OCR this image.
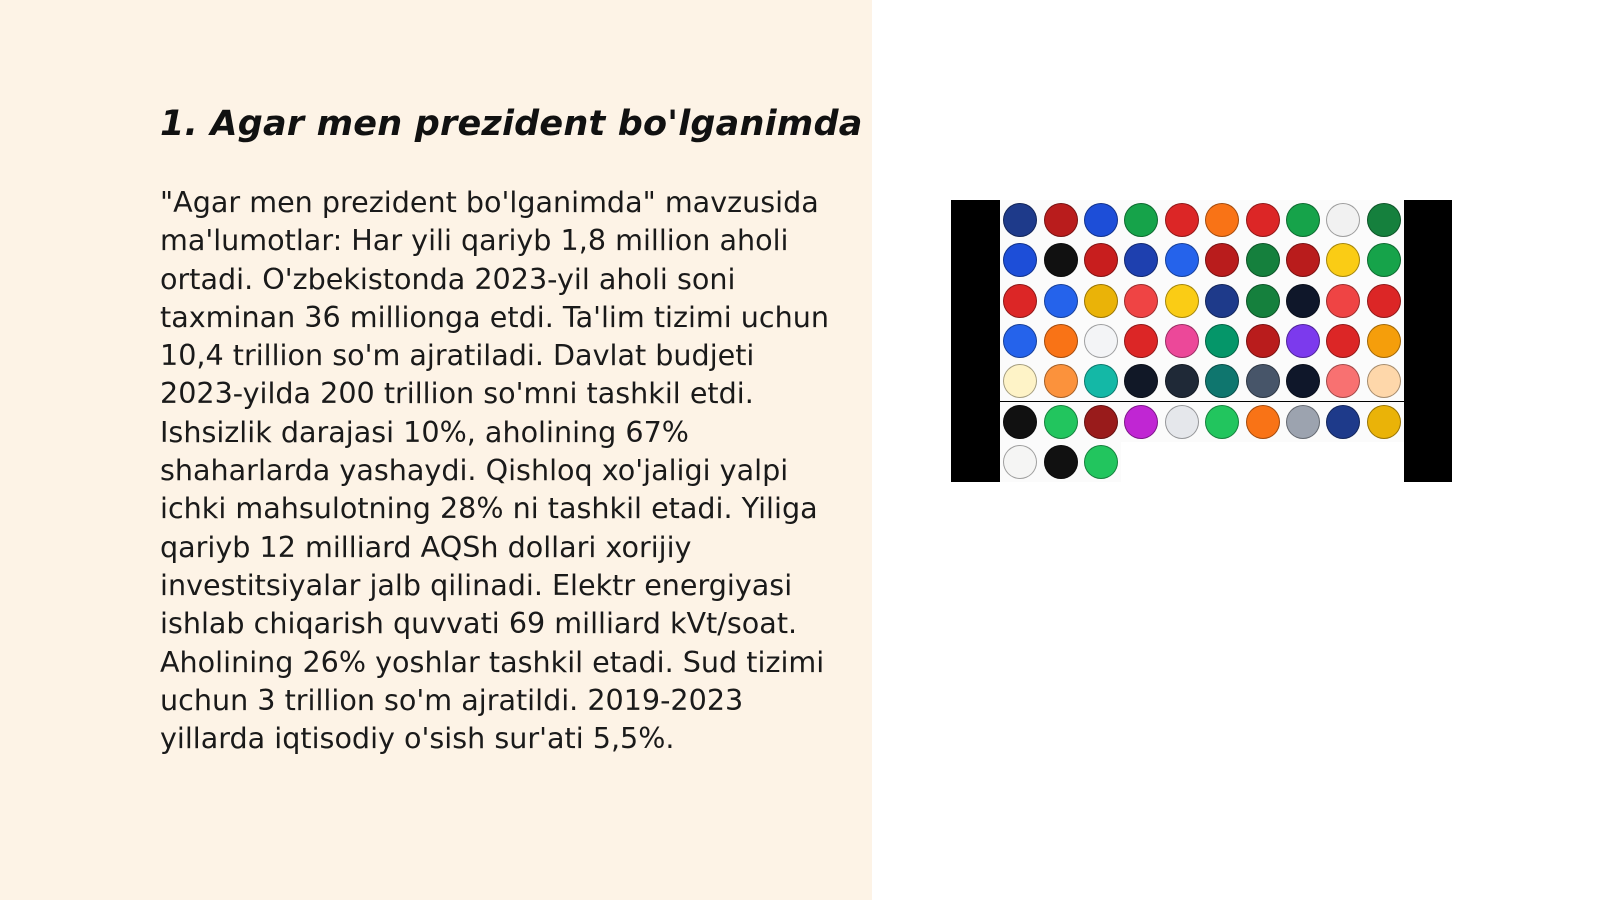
1. Agar men prezident bo'lganimda

"Agar men prezident bo'lganimda" mavzusida ma'lumotlar: Har yili qariyb 1,8 million aholi ortadi. O'zbekistonda 2023-yil aholi soni taxminan 36 millionga etdi. Ta'lim tizimi uchun 10,4 trillion so'm ajratiladi. Davlat budjeti 2023-yilda 200 trillion so'mni tashkil etdi. Ishsizlik darajasi 10%, aholining 67% shaharlarda yashaydi. Qishloq xo'jaligi yalpi ichki mahsulotning 28% ni tashkil etadi. Yiliga qariyb 12 milliard AQSh dollari xorijiy investitsiyalar jalb qilinadi. Elektr energiyasi ishlab chiqarish quvvati 69 milliard kVt/soat. Aholining 26% yoshlar tashkil etadi. Sud tizimi uchun 3 trillion so'm ajratildi. 2019-2023 yillarda iqtisodiy o'sish sur'ati 5,5%.
